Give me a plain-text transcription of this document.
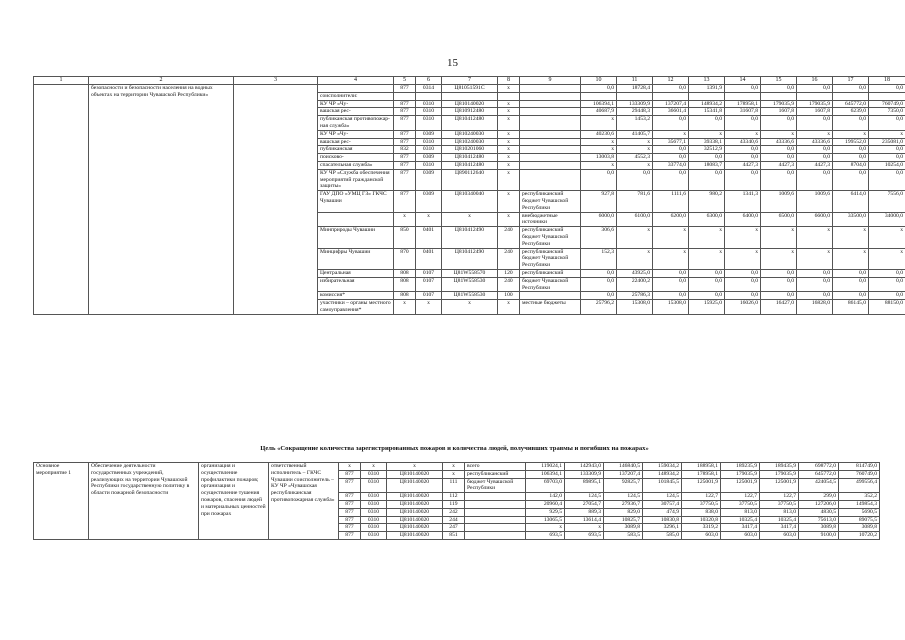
15
1	2	3	4	5	6	7	8	9	10	11	12	13	14	15	16	17	18
	безопасности и безопасности населения на водных объектах на территории Чувашской Республики»			877	0314	Ц81051591C	х		0,0	18728,4	0,0	1391,9	0,0	0,0	0,0	0,0	0,0
			соисполнители:														
			КУ ЧР «Чу-	877	0310	Ц810140020	х		106394,1	133309,9	137207,4	148934,2	178958,1	179035,9	179035,9	645772,0	760749,0
			вашская рес-	877	0310	Ц810912480	х		40687,9	29448,3	36601,4	15341,8	31607,8	1607,8	1607,8	6239,0	7350,0
			публиканская противопожар-ная служба»	877	0310	Ц810412480	х		х	1453,2	0,0	0,0	0,0	0,0	0,0	0,0	0,0
			КУ ЧР «Чу-	877	0309	Ц810240030	х		40230,6	41405,7	х	х	х	х	х	х	х
			вашская рес-	877	0310	Ц810240030	х		х	х	35677,1	39338,1	43340,6	43336,6	43336,6	199552,0	235081,0
			публиканская	832	0310	Ц810201060	х		х	х	0,0	32512,9	0,0	0,0	0,0	0,0	0,0
			поисково-	877	0309	Ц810412480	х		13003,8	4552,3	0,0	0,0	0,0	0,0	0,0	0,0	0,0
			спасательная служба»	877	0310	Ц810412480	х		х	х	33774,0	18083,7	4427,3	4427,3	4427,3	8704,0	10254,0
			КУ ЧР «Служба обеспечения мероприятий гражданской защиты»	877	0309	Ц890112640	х		0,0	0,0	0,0	0,0	0,0	0,0	0,0	0,0	0,0
			ГАУ ДПО «УМЦ ГЗ» ГКЧС Чувашии	877	0309	Ц810340040	х	республиканский бюджет Чувашской Республики	927,8	781,6	1111,6	980,2	1341,3	1009,6	1009,6	6414,0	7556,0
				х	х	х	х	внебюджетные источники	6000,0	6100,0	6200,0	6300,0	6400,0	6500,0	6600,0	33500,0	34000,0
			Минприроды Чувашии	850	0401	Ц810412490	240	республиканский бюджет Чувашской Республики	306,6	х	х	х	х	х	х	х	х
			Минцифры Чувашии	870	0401	Ц810412490	240	республиканский бюджет Чувашской Республики	152,3	х	х	х	х	х	х	х	х
			Центральная	808	0107	Ц81W558570	120	республиканский	0,0	43925,0	0,0	0,0	0,0	0,0	0,0	0,0	0,0
			избирательная	808	0107	Ц81W558530	240	бюджет Чувашской Республики	0,0	22400,2	0,0	0,0	0,0	0,0	0,0	0,0	0,0
			комиссия*	808	0107	Ц81W558530	100		0,0	25786,3	0,0	0,0	0,0	0,0	0,0	0,0	0,0
			участники – органы местного самоуправления*	х	х	х	х	местные бюджеты	25796,2	15308,0	15308,0	15925,0	16026,0	16427,0	16828,0	86145,0	88150,0
Цель «Сокращение количества зарегистрированных пожаров и количества людей, получивших травмы и погибших на пожарах»
Основное мероприятие 1	Обеспечение деятельности государственных учреждений, реализующих на территории Чувашской Республики государственную политику в области пожарной безопасности	организация и осуществление профилактики пожаров; организация и осуществление тушения пожаров, спасения людей и материальных ценностей при пожарах	ответственный исполнитель – ГКЧС Чувашии соисполнитель – КУ ЧР «Чувашская республиканская противопожарная служба»	х	х	х	х	всего	119024,1	142943,0	146840,5	159034,2	188958,1	189235,9	189435,9	698772,0	814749,0
				877	0310	Ц810140020	х	республиканский	106394,1	133309,9	137207,4	148934,2	178958,1	179035,9	179035,9	645772,0	760749,0
				877	0310	Ц810140020	111	бюджет Чувашской Республики	69703,0	89895,1	92825,7	101845,5	125001,9	125001,9	125001,9	424054,5	499556,4
				877	0310	Ц810140020	112		142,0	124,5	124,5	124,5	122,7	122,7	122,7	299,0	352,2
				877	0310	Ц810140020	119		20960,4	27054,7	27936,7	30757,4	37750,5	37750,5	37750,5	127206,0	149854,3
				877	0310	Ц810140020	242		929,5	889,3	829,0	474,9	838,0	813,0	813,0	4830,5	5690,5
				877	0310	Ц810140020	244		13065,5	13614,4	10825,7	10830,8	10320,8	10325,4	10325,4	75613,0	89075,5
				877	0310	Ц810140020	247		х	х	3089,8	3296,1	3319,2	3417,4	3417,4	3089,8	3089,8
				877	0310	Ц810140020	851		693,5	693,5	583,5	585,0	603,0	603,0	603,0	9100,0	10720,2
